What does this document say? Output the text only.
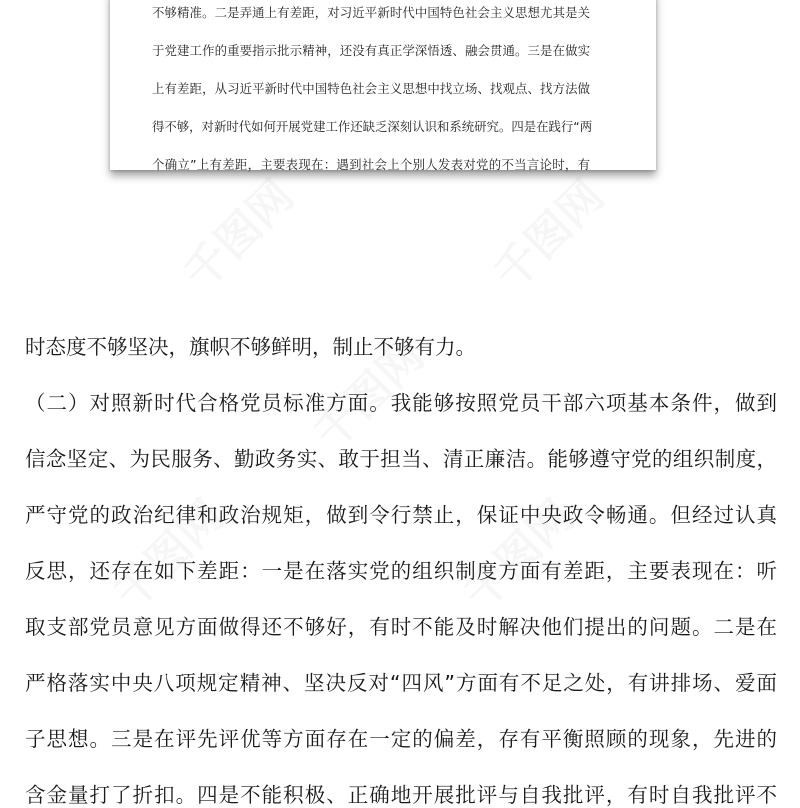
不够精准。二是弄通上有差距，对习近平新时代中国特色社会主义思想尤其是关
于党建工作的重要指示批示精神，还没有真正学深悟透、融会贯通。三是在做实
上有差距，从习近平新时代中国特色社会主义思想中找立场、找观点、找方法做
得不够，对新时代如何开展党建工作还缺乏深刻认识和系统研究。四是在践行“两
个确立”上有差距，主要表现在：遇到社会上个别人发表对党的不当言论时，有
时态度不够坚决，旗帜不够鲜明，制止不够有力。
（二）对照新时代合格党员标准方面。我能够按照党员干部六项基本条件，做到
信念坚定、为民服务、勤政务实、敢于担当、清正廉洁。能够遵守党的组织制度，
严守党的政治纪律和政治规矩，做到令行禁止，保证中央政令畅通。但经过认真
反思，还存在如下差距：一是在落实党的组织制度方面有差距，主要表现在：听
取支部党员意见方面做得还不够好，有时不能及时解决他们提出的问题。二是在
严格落实中央八项规定精神、坚决反对“四风”方面有不足之处，有讲排场、爱面
子思想。三是在评先评优等方面存在一定的偏差，存有平衡照顾的现象，先进的
含金量打了折扣。四是不能积极、正确地开展批评与自我批评，有时自我批评不
